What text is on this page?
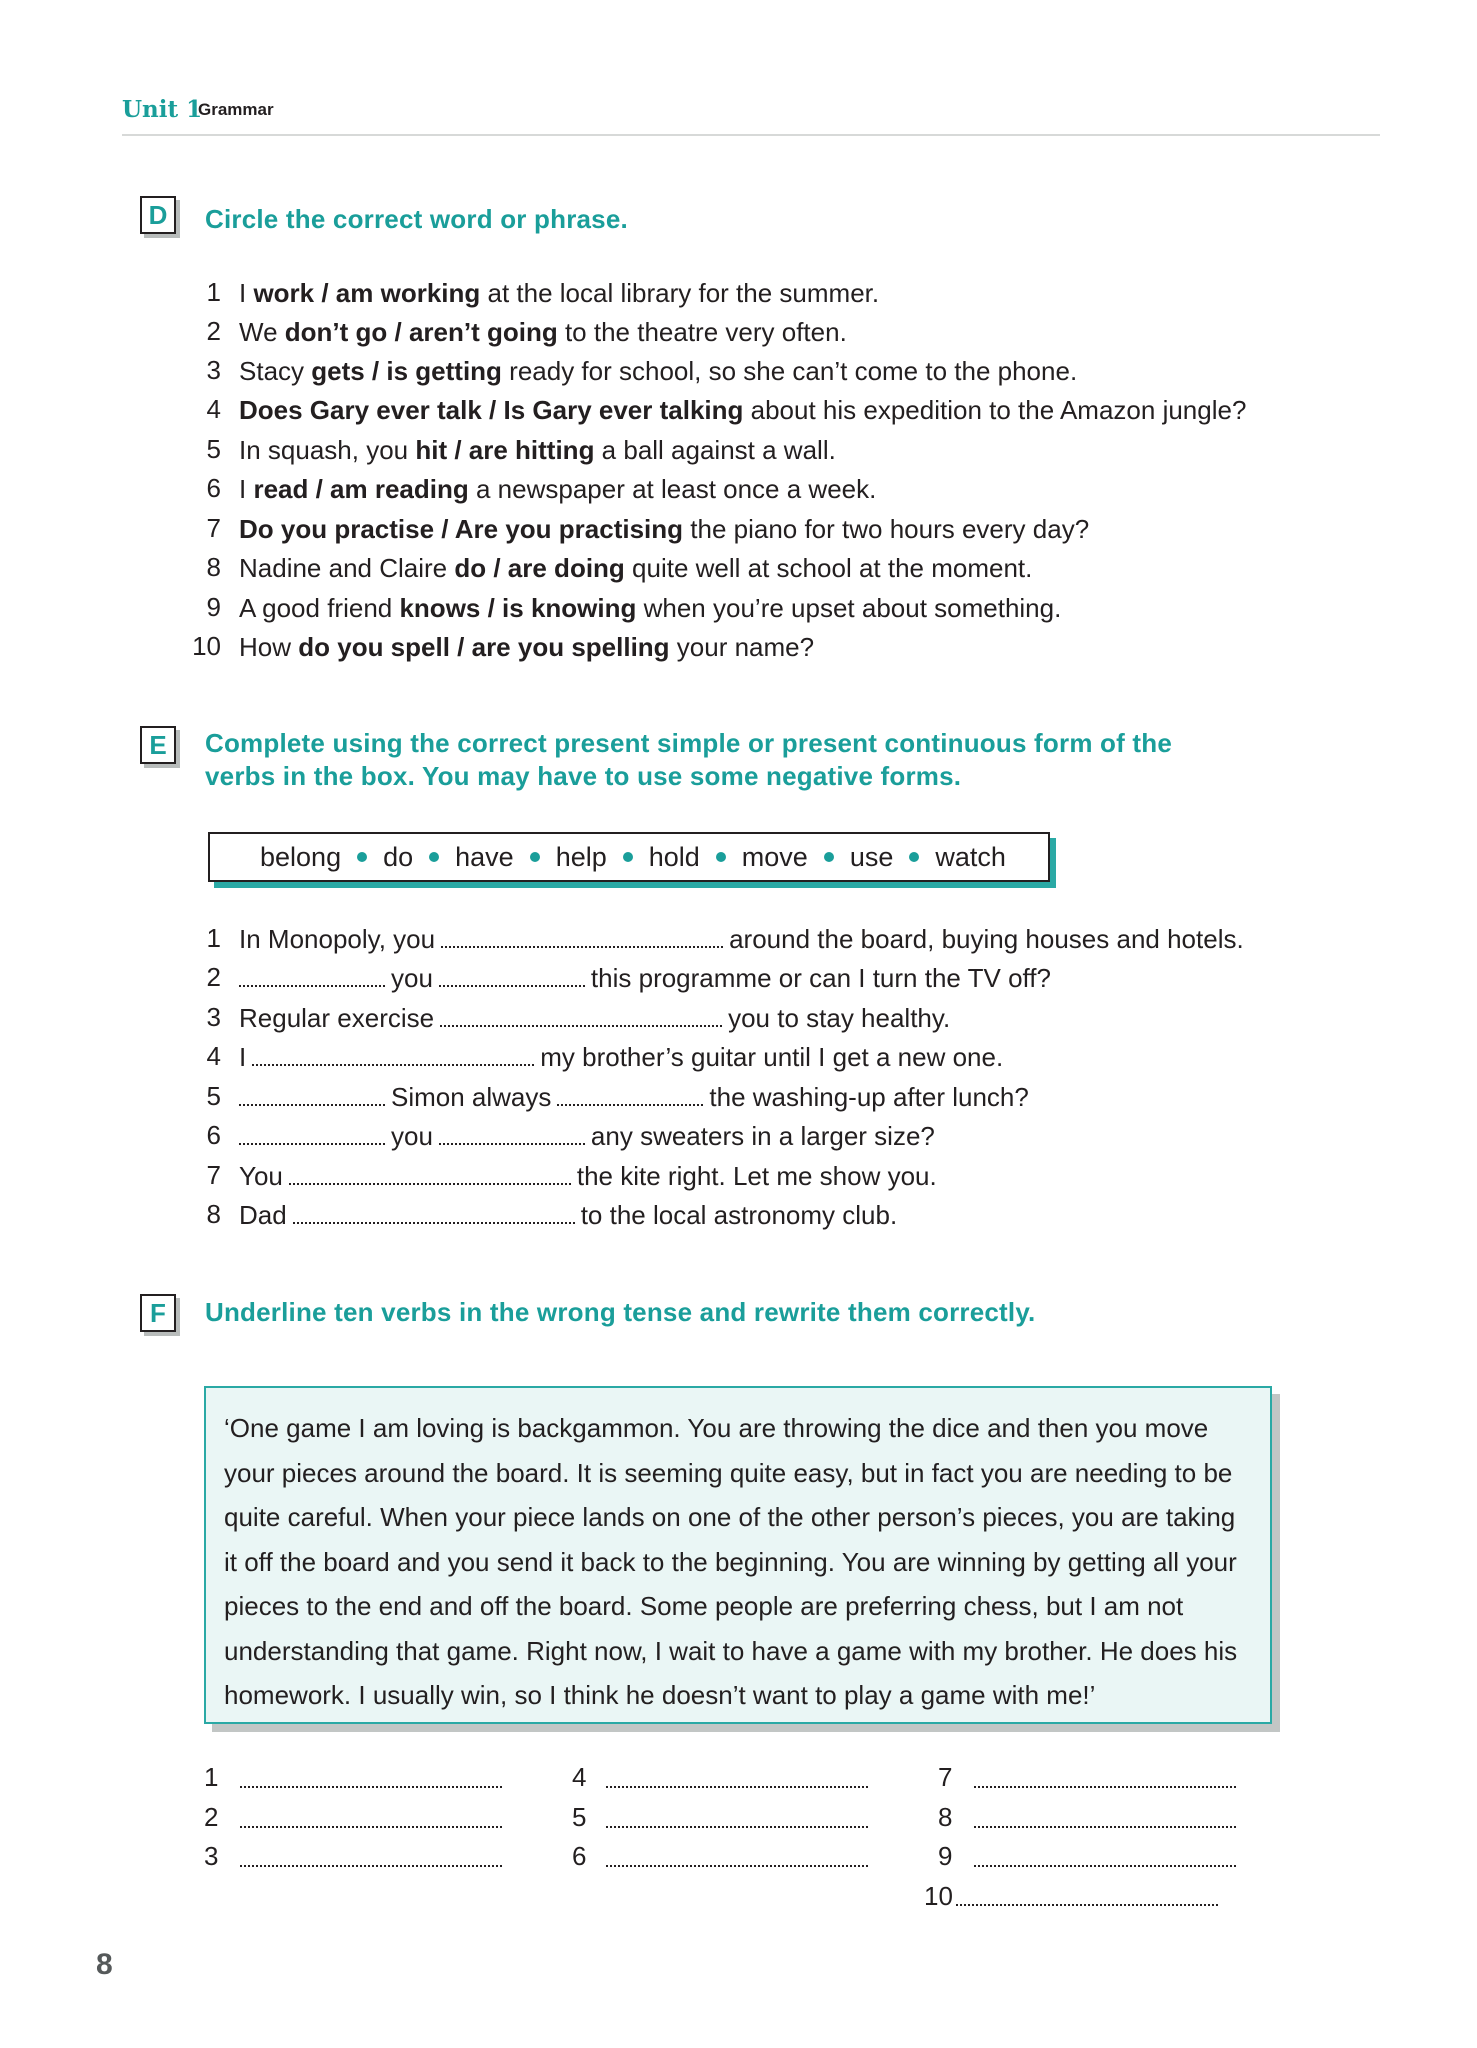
Unit 1
Grammar
D	Circle the correct word or phrase.
1 I work / am working at the local library for the summer.
2 We don’t go / aren’t going to the theatre very often.
3 Stacy gets / is getting ready for school, so she can’t come to the phone.
4 Does Gary ever talk / Is Gary ever talking about his expedition to the Amazon jungle?
5 In squash, you hit / are hitting a ball against a wall.
6 I read / am reading a newspaper at least once a week.
7 Do you practise / Are you practising the piano for two hours every day?
8 Nadine and Claire do / are doing quite well at school at the moment.
9 A good friend knows / is knowing when you’re upset about something.
10 How do you spell / are you spelling your name?
E	Complete using the correct present simple or present continuous form of the
verbs in the box. You may have to use some negative forms.
belong do have help hold move use watch
1 In Monopoly, you	around the board, buying houses and hotels.
2	you	this programme or can I turn the TV off?
3 Regular exercise	you to stay healthy.
4 I	my brother’s guitar until I get a new one.
5	Simon always	the washing-up after lunch?
6	you	any sweaters in a larger size?
7 You	the kite right. Let me show you.
8 Dad	to the local astronomy club.
F	Underline ten verbs in the wrong tense and rewrite them correctly.
‘One game I am loving is backgammon. You are throwing the dice and then you move
your pieces around the board. It is seeming quite easy, but in fact you are needing to be
quite careful. When your piece lands on one of the other person’s pieces, you are taking
it off the board and you send it back to the beginning. You are winning by getting all your
pieces to the end and off the board. Some people are preferring chess, but I am not
understanding that game. Right now, I wait to have a game with my brother. He does his
homework. I usually win, so I think he doesn’t want to play a game with me!’
1
2
3
4
5
6
7
8
9
10
8
